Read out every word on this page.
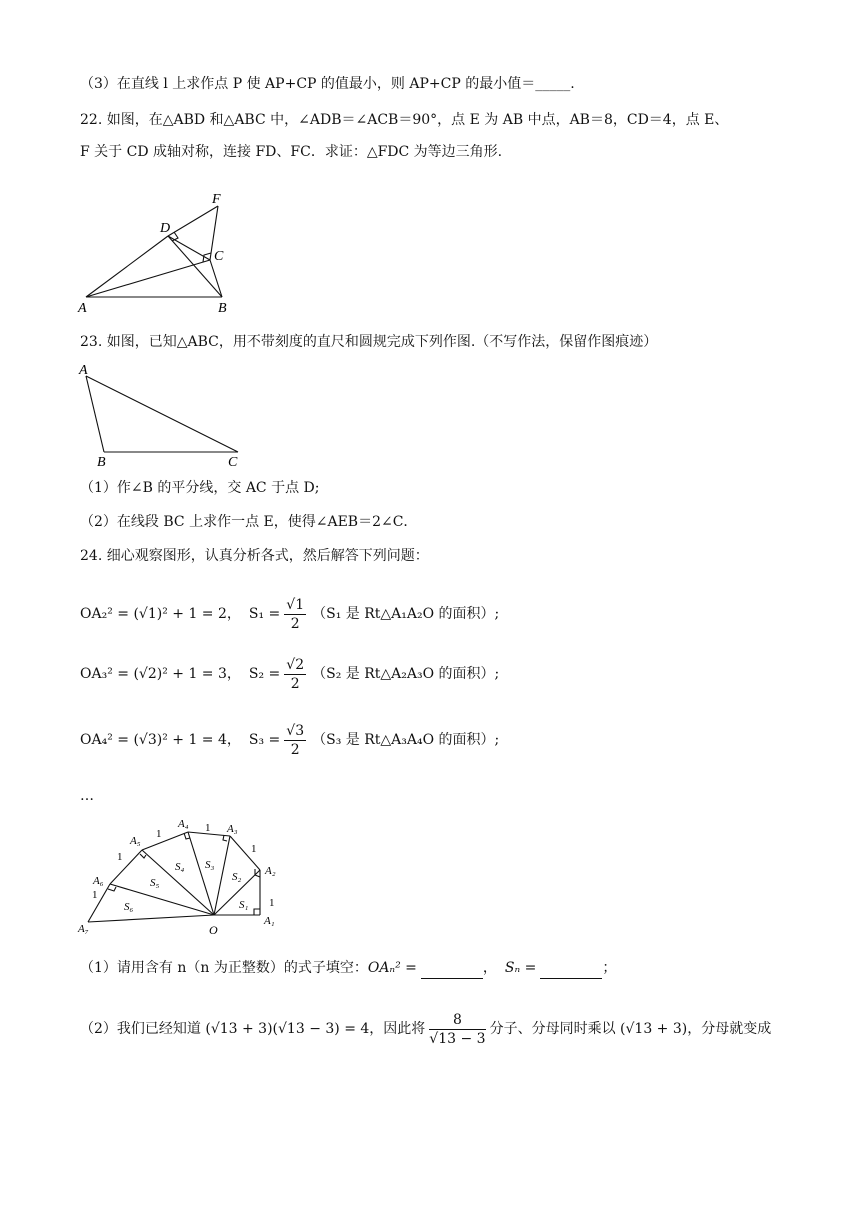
（3）在直线 l 上求作点 P 使 AP+CP 的值最小，则 AP+CP 的最小值＝_____.
22. 如图，在△ABD 和△ABC 中，∠ADB＝∠ACB＝90°，点 E 为 AB 中点，AB＝8，CD＝4，点 E、
F 关于 CD 成轴对称，连接 FD、FC．求证：△FDC 为等边三角形.
F
D
C
A	B
23. 如图，已知△ABC，用不带刻度的直尺和圆规完成下列作图.（不写作法，保留作图痕迹）
A
B	C
（1）作∠B 的平分线，交 AC 于点 D;
（2）在线段 BC 上求作一点 E，使得∠AEB＝2∠C．
24. 细心观察图形，认真分析各式，然后解答下列问题：
OA₂² = (√1)² + 1 = 2， $S_1 = \frac{√1}{2} (S_1$ 是 Rt△A₁A₂O 的面积）;
OA₃² = (√2)² + 1 = 3， $S_2 = \frac{√2}{2} (S_2$ 是 Rt△A₂A₃O 的面积）;
OA₄² = (√3)² + 1 = 4， $S_3 = \frac{√3}{2} (S_3$ 是 Rt△A₃A₄O 的面积）;
…
O
A₁
A₂
A₃
A₄
A₅
A₆
A₇
S₁
S₂
S₃
S₄
S₅
S₆	1
1
1
1
1
1
（1）请用含有 n（n 为正整数）的式子填空：OAₙ² =	， Sₙ =	；
（2）我们已经知道 (√13 + 3)(√13 − 3) = 4，因此将 $\frac{8}{√13 - 3}$ 分子、分母同时乘以 (√13 + 3)，分母就变成
